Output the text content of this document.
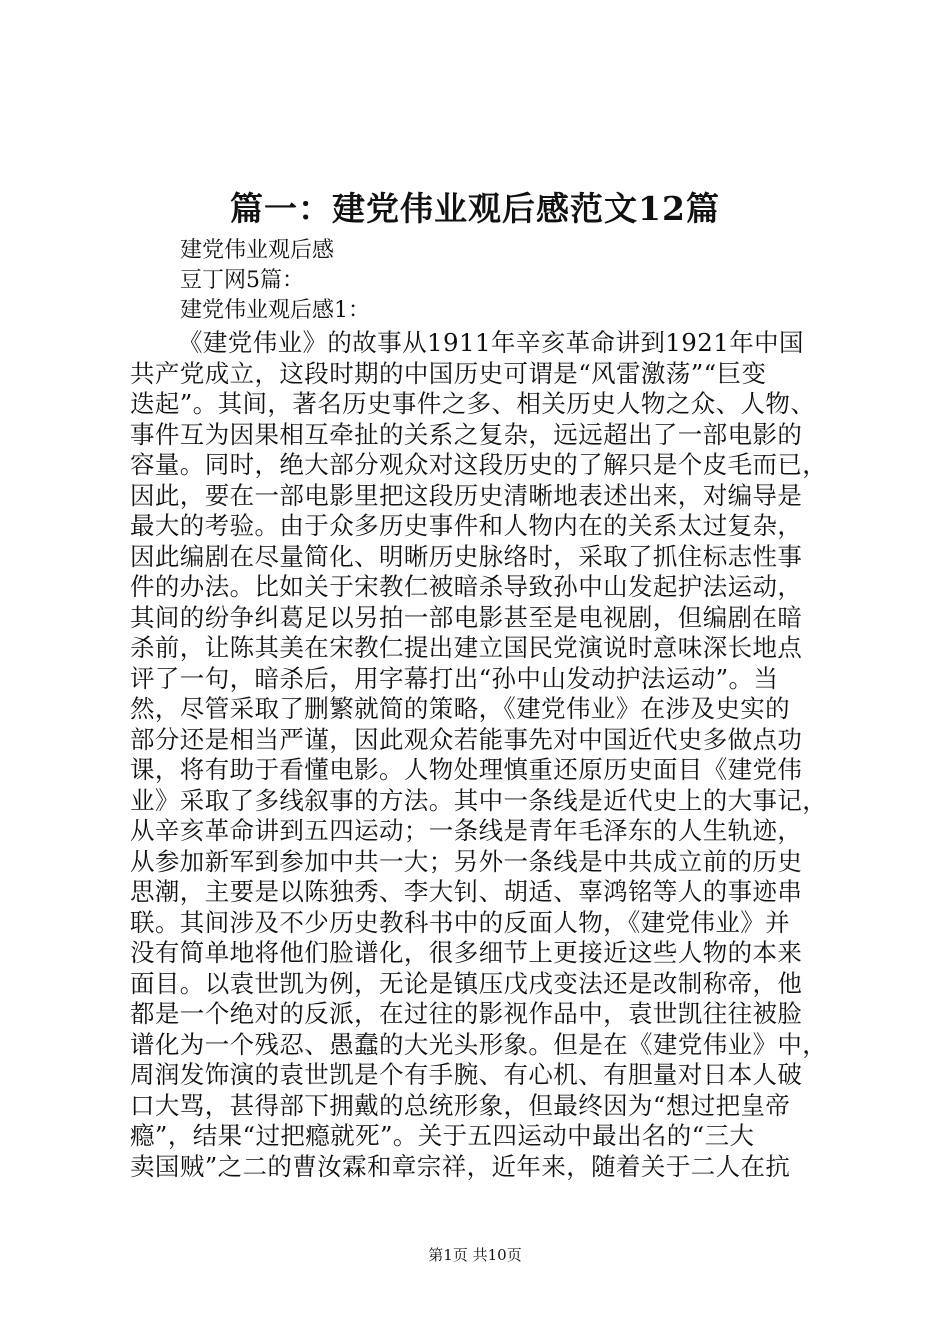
篇一：建党伟业观后感范文12篇

建党伟业观后感

豆丁网5篇：

建党伟业观后感1：

《建党伟业》的故事从1911年辛亥革命讲到1921年中国
共产党成立，这段时期的中国历史可谓是“风雷激荡”“巨变
迭起”。其间，著名历史事件之多、相关历史人物之众、人物、
事件互为因果相互牵扯的关系之复杂，远远超出了一部电影的
容量。同时，绝大部分观众对这段历史的了解只是个皮毛而已，
因此，要在一部电影里把这段历史清晰地表述出来，对编导是
最大的考验。由于众多历史事件和人物内在的关系太过复杂，
因此编剧在尽量简化、明晰历史脉络时，采取了抓住标志性事
件的办法。比如关于宋教仁被暗杀导致孙中山发起护法运动，
其间的纷争纠葛足以另拍一部电影甚至是电视剧，但编剧在暗
杀前，让陈其美在宋教仁提出建立国民党演说时意味深长地点
评了一句，暗杀后，用字幕打出“孙中山发动护法运动”。当
然，尽管采取了删繁就简的策略，《建党伟业》在涉及史实的
部分还是相当严谨，因此观众若能事先对中国近代史多做点功
课，将有助于看懂电影。人物处理慎重还原历史面目《建党伟
业》采取了多线叙事的方法。其中一条线是近代史上的大事记，
从辛亥革命讲到五四运动；一条线是青年毛泽东的人生轨迹，
从参加新军到参加中共一大；另外一条线是中共成立前的历史
思潮，主要是以陈独秀、李大钊、胡适、辜鸿铭等人的事迹串
联。其间涉及不少历史教科书中的反面人物，《建党伟业》并
没有简单地将他们脸谱化，很多细节上更接近这些人物的本来
面目。以袁世凯为例，无论是镇压戊戌变法还是改制称帝，他
都是一个绝对的反派，在过往的影视作品中，袁世凯往往被脸
谱化为一个残忍、愚蠢的大光头形象。但是在《建党伟业》中，
周润发饰演的袁世凯是个有手腕、有心机、有胆量对日本人破
口大骂，甚得部下拥戴的总统形象，但最终因为“想过把皇帝
瘾”，结果“过把瘾就死”。关于五四运动中最出名的“三大
卖国贼”之二的曹汝霖和章宗祥，近年来，随着关于二人在抗

第1页 共10页
